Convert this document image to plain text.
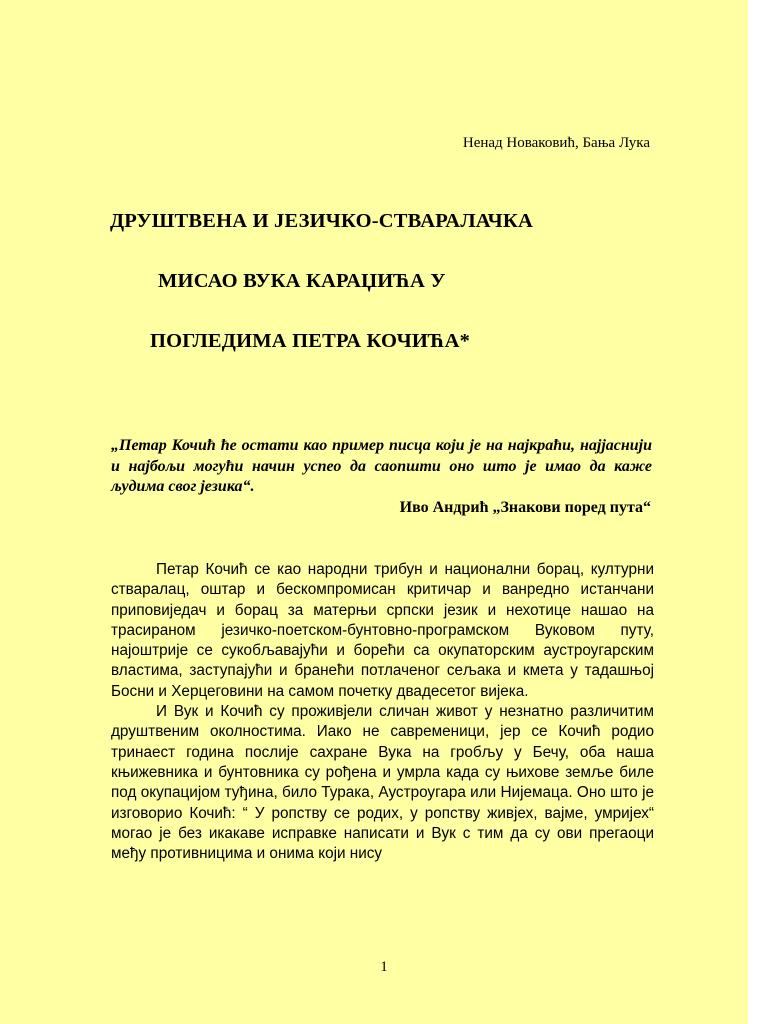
Ненад Новаковић, Бања Лука
ДРУШТВЕНА И ЈЕЗИЧКО-СТВАРАЛАЧКА
МИСАО ВУКА КАРАЏИЋА У
ПОГЛЕДИМА ПЕТРА КОЧИЋА*
„Петар Кочић ће остати као пример писца који је на најкраћи, најјаснији и најбољи могући начин успео да саопшти оно што је имао да каже људима свог језика“.
Иво Андрић „Знакови поред пута“

Петар Кочић се као народни трибун и национални борац, културни стваралац, оштар и бескомпромисан критичар и ванредно истанчани приповиједач и борац за матерњи српски језик и нехотице нашао на трасираном језичко-поетском-бунтовно-програмском Вуковом путу, најоштрије се сукобљавајући и борећи са окупаторским аустроугарским властима, заступајући и бранећи потлаченог сељака и кмета у тадашњој Босни и Херцеговини на самом почетку двадесетог вијека.

И Вук и Кочић су проживјели сличан живот у незнатно различитим друштвеним околностима. Иако не савременици, јер се Кочић родио тринаест година послије сахране Вука на гробљу у Бечу, оба наша књижевника и бунтовника су рођена и умрла када су њихове земље биле под окупацијом туђина, било Турака, Аустроугара или Нијемаца. Оно што је изговорио Кочић: “ У ропству се родих, у ропству живјех, вајме, умријех“ могао је без икакаве исправке написати и Вук с тим да су ови прегаоци међу противницима и онима који нису

1
